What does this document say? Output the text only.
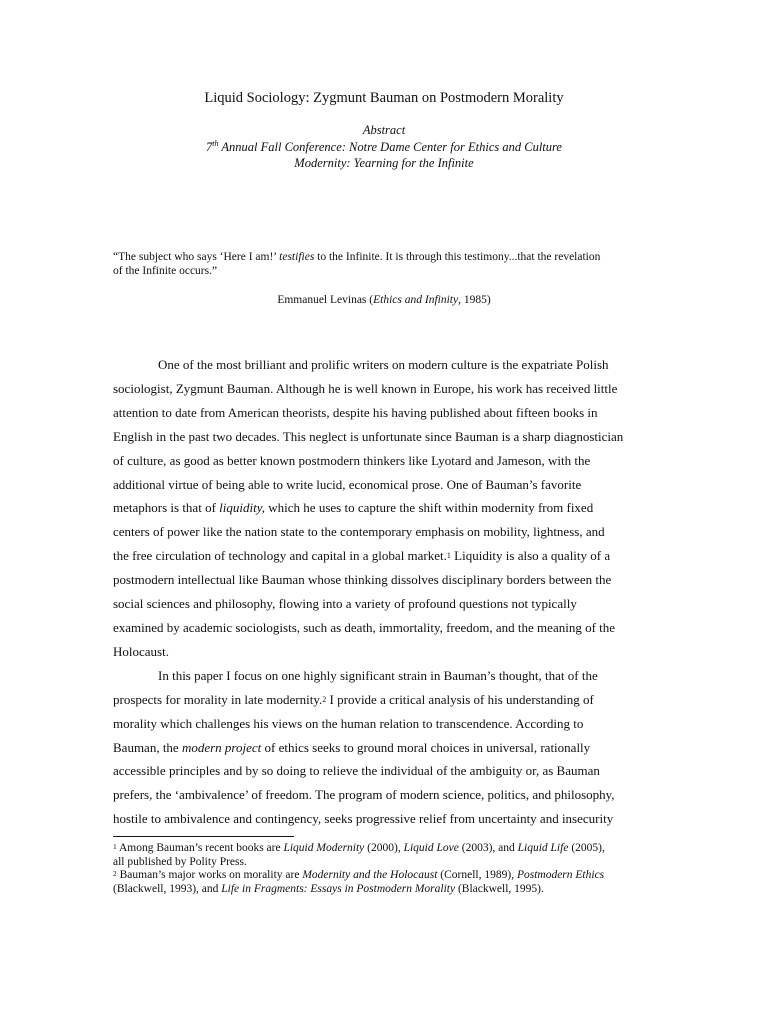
Liquid Sociology: Zygmunt Bauman on Postmodern Morality
Abstract
7th Annual Fall Conference: Notre Dame Center for Ethics and Culture
Modernity: Yearning for the Infinite
“The subject who says ‘Here I am!’ testifies to the Infinite. It is through this testimony...that the revelation
of the Infinite occurs.”
Emmanuel Levinas (Ethics and Infinity, 1985)
One of the most brilliant and prolific writers on modern culture is the expatriate Polish
sociologist, Zygmunt Bauman. Although he is well known in Europe, his work has received little
attention to date from American theorists, despite his having published about fifteen books in
English in the past two decades. This neglect is unfortunate since Bauman is a sharp diagnostician
of culture, as good as better known postmodern thinkers like Lyotard and Jameson, with the
additional virtue of being able to write lucid, economical prose. One of Bauman’s favorite
metaphors is that of liquidity, which he uses to capture the shift within modernity from fixed
centers of power like the nation state to the contemporary emphasis on mobility, lightness, and
the free circulation of technology and capital in a global market.$^1$ Liquidity is also a quality of a
postmodern intellectual like Bauman whose thinking dissolves disciplinary borders between the
social sciences and philosophy, flowing into a variety of profound questions not typically
examined by academic sociologists, such as death, immortality, freedom, and the meaning of the
Holocaust.
In this paper I focus on one highly significant strain in Bauman’s thought, that of the
prospects for morality in late modernity.$^2$ I provide a critical analysis of his understanding of
morality which challenges his views on the human relation to transcendence. According to
Bauman, the modern project of ethics seeks to ground moral choices in universal, rationally
accessible principles and by so doing to relieve the individual of the ambiguity or, as Bauman
prefers, the ‘ambivalence’ of freedom. The program of modern science, politics, and philosophy,
hostile to ambivalence and contingency, seeks progressive relief from uncertainty and insecurity
$^1$ Among Bauman’s recent books are Liquid Modernity (2000), Liquid Love (2003), and Liquid Life (2005),
all published by Polity Press.
$^2$ Bauman’s major works on morality are Modernity and the Holocaust (Cornell, 1989), Postmodern Ethics
(Blackwell, 1993), and Life in Fragments: Essays in Postmodern Morality (Blackwell, 1995).
